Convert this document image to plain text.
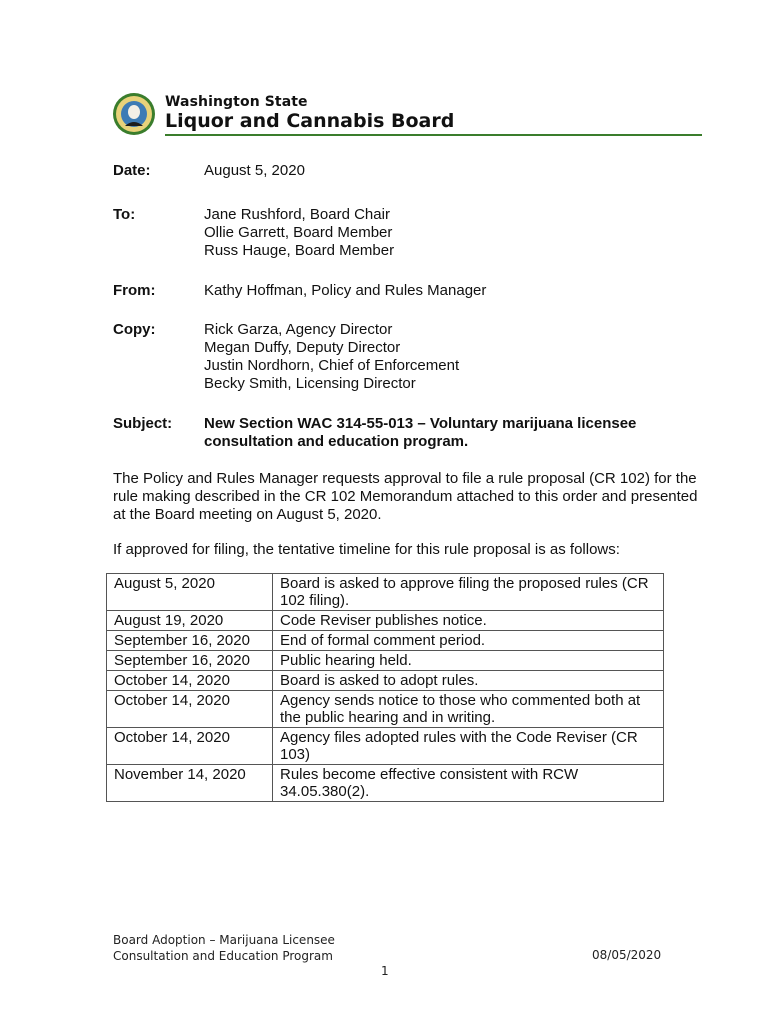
Washington State
Liquor and Cannabis Board
Date:	August 5, 2020
To:	Jane Rushford, Board Chair
Ollie Garrett, Board Member
Russ Hauge, Board Member
From:	Kathy Hoffman, Policy and Rules Manager
Copy:	Rick Garza, Agency Director
Megan Duffy, Deputy Director
Justin Nordhorn, Chief of Enforcement
Becky Smith, Licensing Director
Subject: New Section WAC 314-55-013 – Voluntary marijuana licensee
consultation and education program.
The Policy and Rules Manager requests approval to file a rule proposal (CR 102) for the
rule making described in the CR 102 Memorandum attached to this order and presented
at the Board meeting on August 5, 2020.
If approved for filing, the tentative timeline for this rule proposal is as follows:
August 5, 2020	Board is asked to approve filing the proposed rules (CR
102 filing).

August 19, 2020	Code Reviser publishes notice.
September 16, 2020	End of formal comment period.
September 16, 2020	Public hearing held.
October 14, 2020	Board is asked to adopt rules.
October 14, 2020	Agency sends notice to those who commented both at
the public hearing and in writing.

October 14, 2020	Agency files adopted rules with the Code Reviser (CR
103)

November 14, 2020	Rules become effective consistent with RCW
34.05.380(2).
Board Adoption – Marijuana Licensee
Consultation and Education Program	08/05/2020
1
